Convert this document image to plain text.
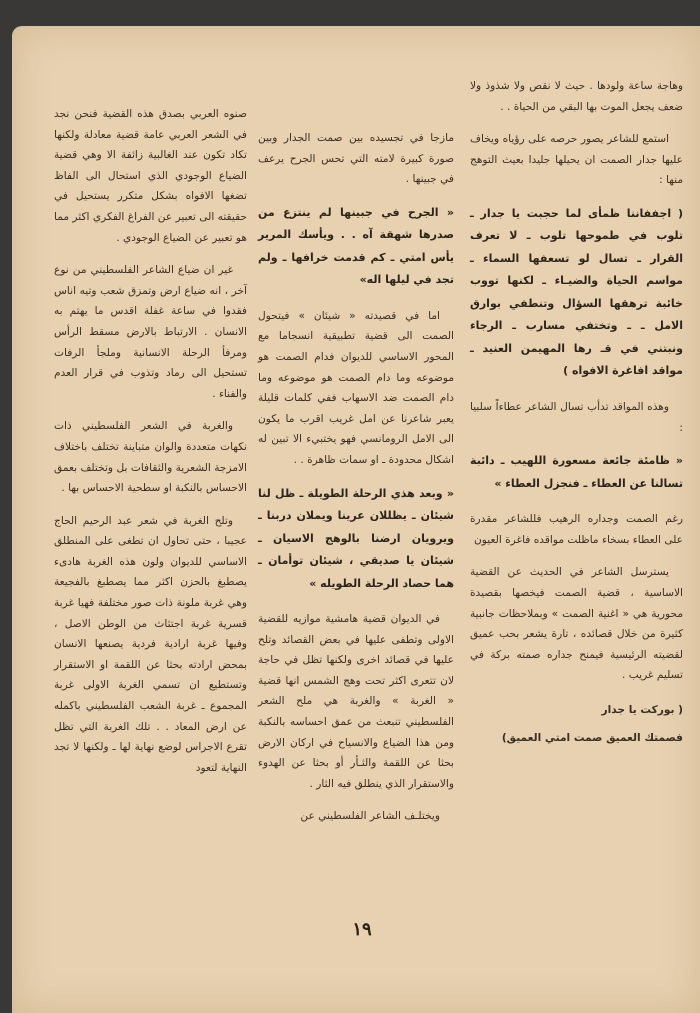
وهاجة ساعة ولودها . حيث لا نقص ولا شذوذ ولا ضعف يجعل الموت بها البقي من الحياة . .

استمع للشاعر يصور حرصه على رؤياه ويخاف عليها جدار الصمت ان يحيلها جليدا بعيث التوهج منها :

( اجففاننا ظمأى لما حجبت يا جدار ـ تلوب في طموحها تلوب ـ لا تعرف القرار ـ تسال لو تسعفها السماء ـ مواسم الحياة والضيـاء ـ لكنها تووب خائبة ترهقها السؤال وتنطفي بوارق الامل ـ ـ وتختفي مسارب ـ الرجاء ونبتني في قـ رها المهيمن العنيد ـ مواقد افاغرة الافواه )

وهذه المواقد تدأب تسال الشاعر عطاءاً سلبيا :

« ظامئة جائعة مسعورة اللهيب ـ دائبة تسالنا عن العطاء ـ فنجزل العطاء »

رغم الصمت وجداره الرهيب فللشاعر مقدرة على العطاء بسخاء ماظلت مواقده فاغرة العيون

يسترسل الشاعر في الحديث عن القضية الاساسية ، قضية الصمت فيخصها بقصيدة محورية هي « اغنية الصمت » وبملاحظات جانبية كثيرة من خلال قصائده ، تارة يشعر بحب عميق لقضيته الرئيسية فيمنح جداره صمته بركة في تسليم غريب .

( بوركت يا جدار
فصمتك العميق صمت امتي العميق)

مازجا في تجسيده بين صمت الجدار وبين صورة كبيرة لامته التي تحس الجرح يرعف في جبينها .

« الجرح في جبينها لم ينتزع من صدرها شهقة آه . . ويأسك المرير يأس امتي ـ كم قدمت خرافها ـ ولم تجد في ليلها اله»

اما في قصيدته « شيئان » فيتحول الصمت الى قضية تطبيقية انسجاما مع المحور الاساسي للديوان فدام الصمت هو موضوعه وما دام الصمت هو موضوعه وما دام الصمت ضد الاسهاب ففي كلمات قليلة يعبر شاعرنا عن امل غريب اقرب ما يكون الى الامل الرومانسي فهو يختبيء الا تبين له اشكال محدودة ـ او سمات ظاهرة . .

« وبعد هذي الرحلة الطويلة ـ ظل لنا شيئان ـ يظللان عرينا ويملان دربنا ـ ويرويان ارضنا بالوهج الاسيان ـ شيئان يا صديقي ، شيئان توأمان ـ هما حصاد الرحلة الطويله »

في الديوان قضية هامشية موازيه للقضية الاولى وتطفى عليها في بعض القصائد وتلح عليها في قصائد اخرى ولكنها تظل في حاجة لان تتعرى اكثر تحت وهج الشمس انها قضية « الغربة » والغربة هي ملح الشعر الفلسطيني تنبعث من عمق احساسه بالنكبة ومن هذا الضياع والانسياح في اركان الارض بحثا عن اللقمة والثـأر أو بحثا عن الهدوء والاستقرار الذي ينطلق فيه الثار .

ويختلـف الشاعر الفلسطيني عن

صنوه العربي بصدق هذه القضية فنحن نجد في الشعر العربي عامة قضية معادلة ولكنها تكاد تكون عند الغالبية زائفة الا وهي قضية الضياع الوجودي الذي استحال الى الفاظ تضغها الافواه بشكل متكرر يستحيل في حقيقته الى تعبير عن الفراغ الفكري اكثر مما هو تعبير عن الضياع الوجودي .

غير ان ضياع الشاعر الفلسطيني من نوع آخر ، انه ضياع ارض وتمزق شعب وتيه اناس فقدوا في ساعة غفلة اقدس ما يهتم به الانسان . الارتباط بالارض مسقط الرأس ومرفأ الرحلة الانسانية وملجأ الرفات تستحيل الى رماد وتذوب في قرار العدم والفناء .

والغربة في الشعر الفلسطيني ذات نكهات متعددة والوان متباينة تختلف باختلاف الامزجة الشعرية والثقافات بل وتختلف بعمق الاحساس بالنكبة او سطحية الاحساس بها .

وتلح الغربة في شعر عبد الرحيم الحاج عجيبا ، حتى تحاول ان تطغى على المنطلق الاساسي للديوان ولون هذه الغربة هادىء يصطبغ بالحزن اكثر مما يصطبغ بالفجيعة وهي غربة ملونة ذات صور مختلفة فهيا غربة قسرية غربة اجتثاث من الوطن الاصل ، وفيها غربة ارادية فردية يصنعها الانسان بمحض ارادته بحثا عن اللقمة او الاستقرار وتستطيع ان تسمي الغربة الاولى غربة المجموع ـ غربة الشعب الفلسطيني باكمله عن ارض المعاد . . تلك الغربة التي تظل تقرع الاجراس لوضع نهاية لها ـ ولكنها لا تجد النهاية لتعود

١٩
